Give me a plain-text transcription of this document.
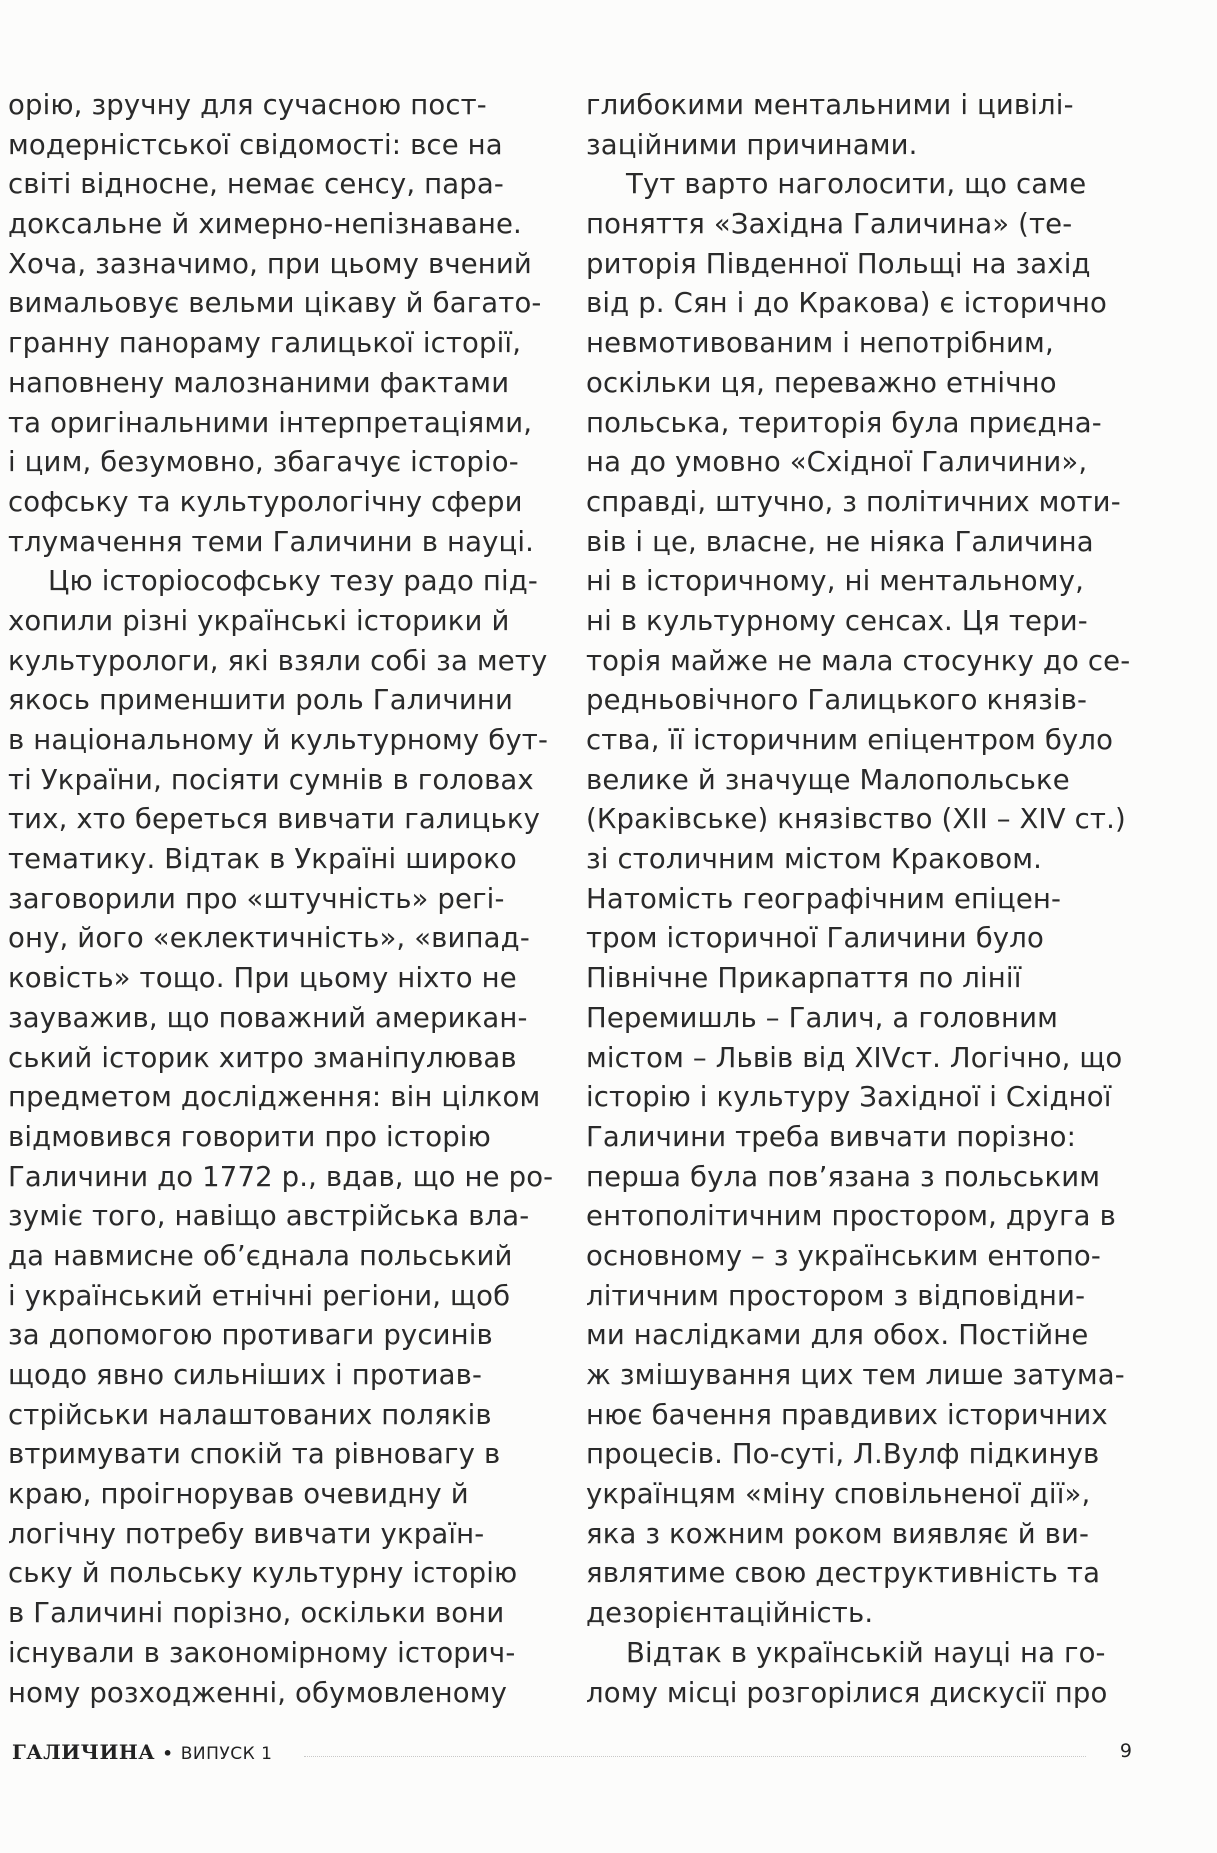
орію, зручну для сучасною пост-
модерністської свідомості: все на
світі відносне, немає сенсу, пара-
доксальне й химерно-непізнаване.
Хоча, зазначимо, при цьому вчений
вимальовує вельми цікаву й багато-
гранну панораму галицької історії,
наповнену малознаними фактами
та оригінальними інтерпретаціями,
і цим, безумовно, збагачує історіо-
софську та культурологічну сфери
тлумачення теми Галичини в науці.
Цю історіософську тезу радо під-
хопили різні українські історики й
культурологи, які взяли собі за мету
якось применшити роль Галичини
в національному й культурному бут-
ті України, посіяти сумнів в головах
тих, хто береться вивчати галицьку
тематику. Відтак в Україні широко
заговорили про «штучність» регі-
ону, його «еклектичність», «випад-
ковість» тощо. При цьому ніхто не
зауважив, що поважний американ-
ський історик хитро зманіпулював
предметом дослідження: він цілком
відмовився говорити про історію
Галичини до 1772 р., вдав, що не ро-
зуміє того, навіщо австрійська вла-
да навмисне об’єднала польський
і український етнічні регіони, щоб
за допомогою противаги русинів
щодо явно сильніших і протиав-
стрійськи налаштованих поляків
втримувати спокій та рівновагу в
краю, проігнорував очевидну й
логічну потребу вивчати україн-
ську й польську культурну історію
в Галичині порізно, оскільки вони
існували в закономірному історич-
ному розходженні, обумовленому
глибокими ментальними і цивілі-
заційними причинами.
Тут варто наголосити, що саме
поняття «Західна Галичина» (те-
риторія Південної Польщі на захід
від р. Сян і до Кракова) є історично
невмотивованим і непотрібним,
оскільки ця, переважно етнічно
польська, територія була приєдна-
на до умовно «Східної Галичини»,
справді, штучно, з політичних моти-
вів і це, власне, не ніяка Галичина
ні в історичному, ні ментальному,
ні в культурному сенсах. Ця тери-
торія майже не мала стосунку до се-
редньовічного Галицького князів-
ства, її історичним епіцентром було
велике й значуще Малопольське
(Краківське) князівство (XII – XIV ст.)
зі столичним містом Краковом.
Натомість географічним епіцен-
тром історичної Галичини було
Північне Прикарпаття по лінії
Перемишль – Галич, а головним
містом – Львів від XIVст. Логічно, що
історію і культуру Західної і Східної
Галичини треба вивчати порізно:
перша була пов’язана з польським
ентополітичним простором, друга в
основному – з українським ентопо-
літичним простором з відповідни-
ми наслідками для обох. Постійне
ж змішування цих тем лише затума-
нює бачення правдивих історичних
процесів. По-суті, Л.Вулф підкинув
українцям «міну сповільненої дії»,
яка з кожним роком виявляє й ви-
являтиме свою деструктивність та
дезорієнтаційність.
Відтак в українській науці на го-
лому місці розгорілися дискусії про
ГАЛИЧИНА • ВИПУСК 1	9
